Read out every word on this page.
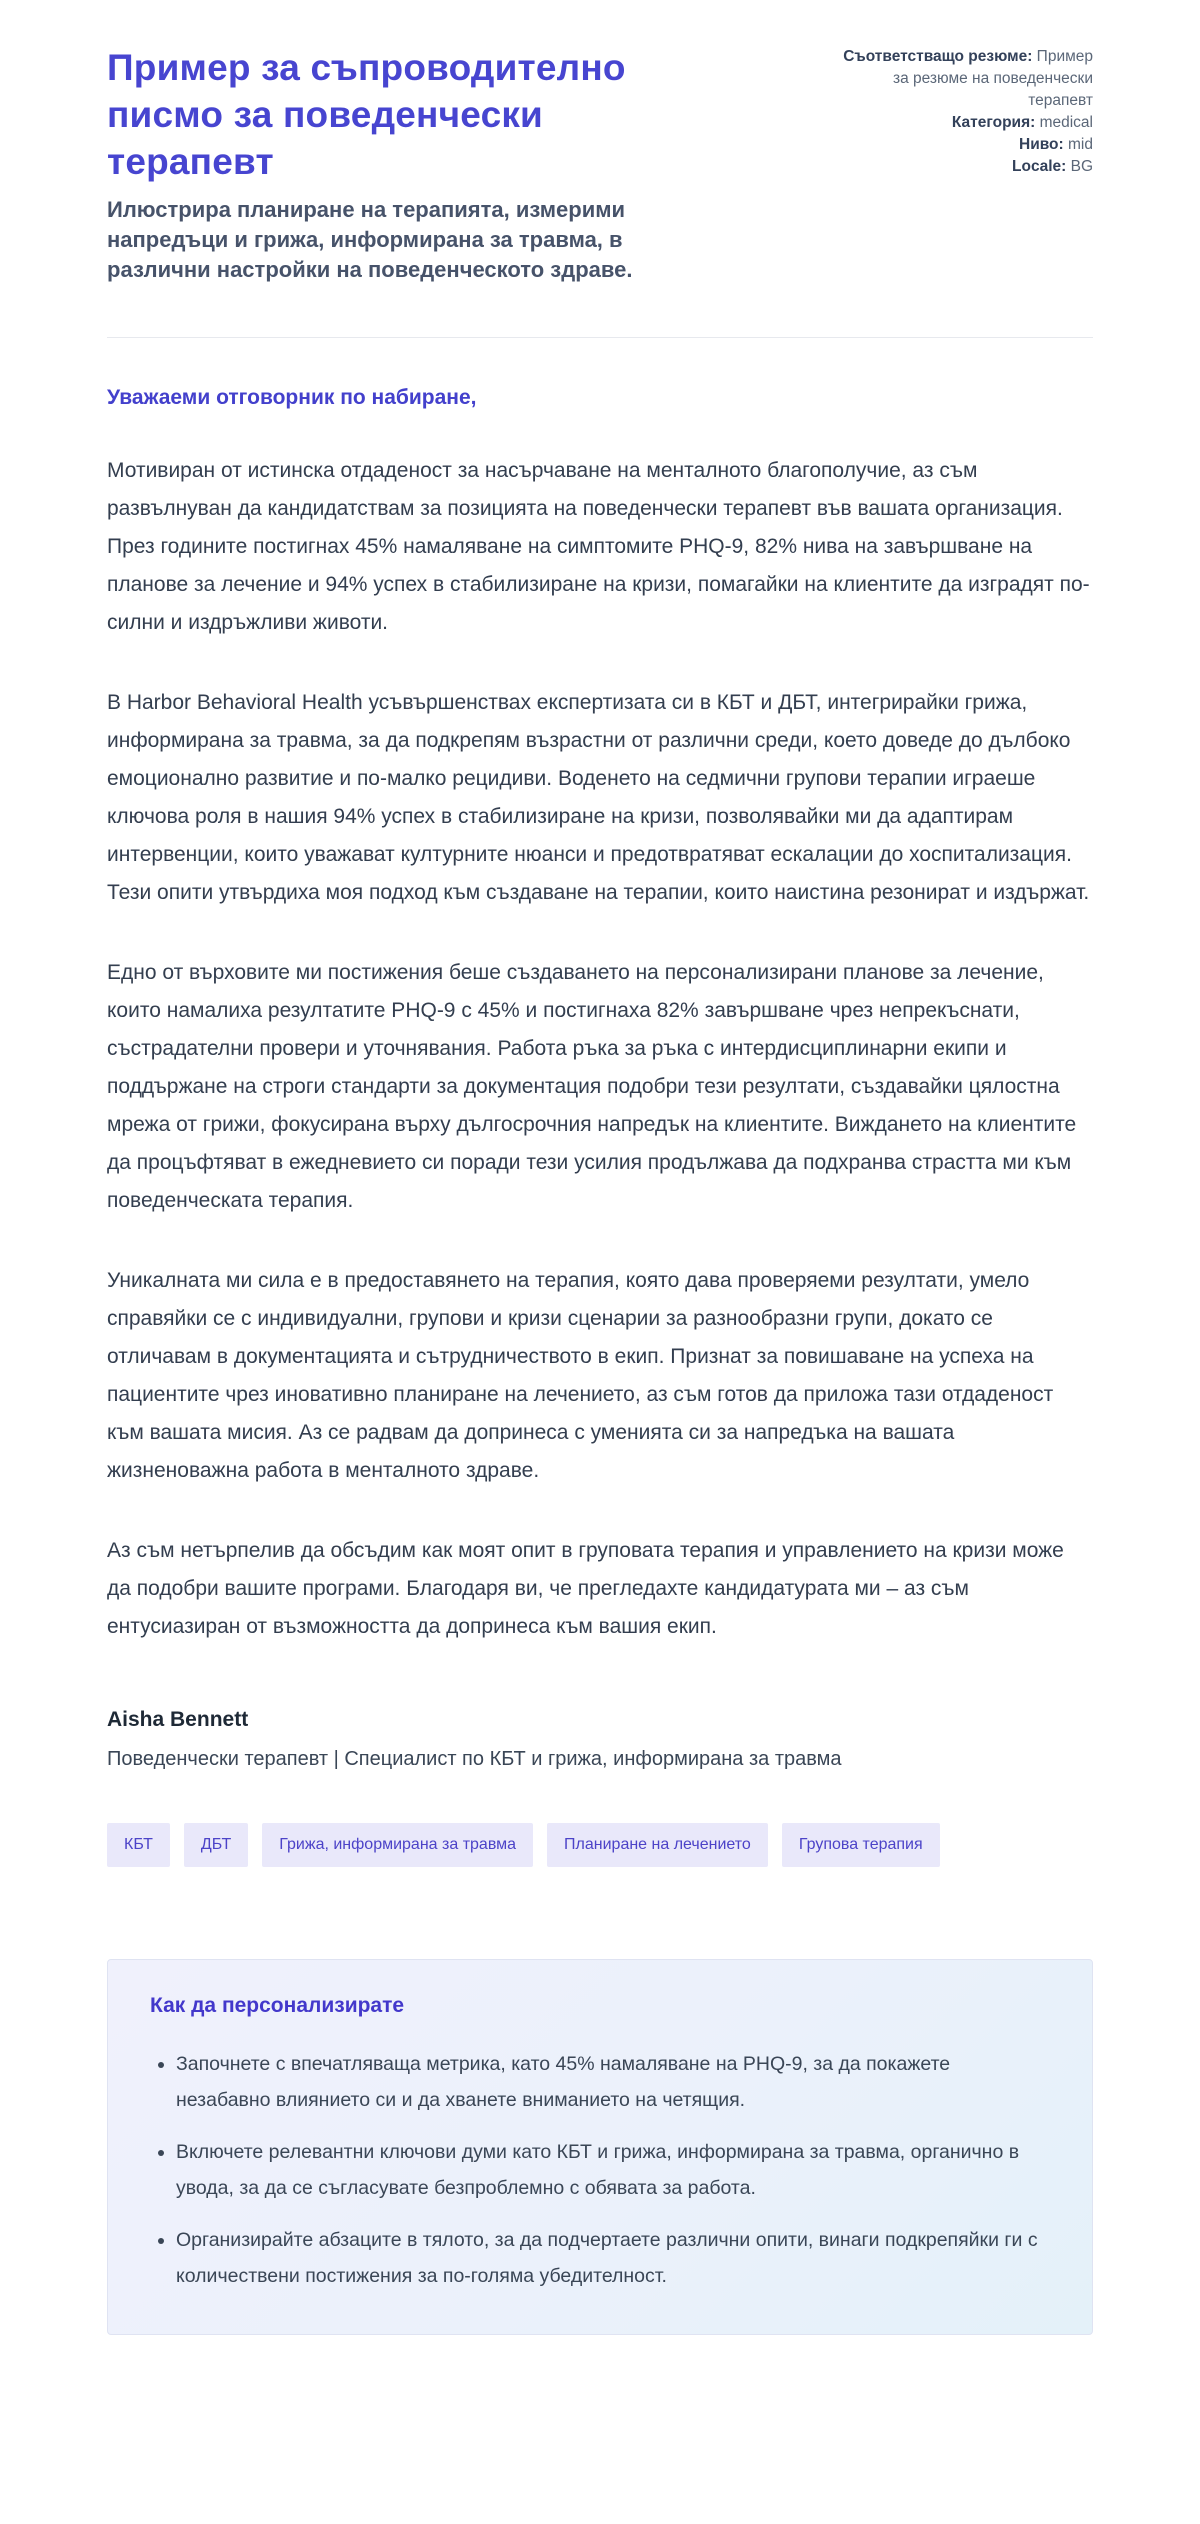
Пример за съпроводително писмо за поведенчески терапевт
Илюстрира планиране на терапията, измерими напредъци и грижа, информирана за травма, в различни настройки на поведенческото здраве.
Съответстващо резюме: Пример за резюме на поведенчески терапевт
Категория: medical
Ниво: mid
Locale: BG
Уважаеми отговорник по набиране,

Мотивиран от истинска отдаденост за насърчаване на менталното благополучие, аз съм развълнуван да кандидатствам за позицията на поведенчески терапевт във вашата организация. През годините постигнах 45% намаляване на симптомите PHQ-9, 82% нива на завършване на планове за лечение и 94% успех в стабилизиране на кризи, помагайки на клиентите да изградят по-силни и издръжливи животи.

В Harbor Behavioral Health усъвършенствах експертизата си в КБТ и ДБТ, интегрирайки грижа, информирана за травма, за да подкрепям възрастни от различни среди, което доведе до дълбоко емоционално развитие и по-малко рецидиви. Воденето на седмични групови терапии играеше ключова роля в нашия 94% успех в стабилизиране на кризи, позволявайки ми да адаптирам интервенции, които уважават културните нюанси и предотвратяват ескалации до хоспитализация. Тези опити утвърдиха моя подход към създаване на терапии, които наистина резонират и издържат.

Едно от върховите ми постижения беше създаването на персонализирани планове за лечение, които намалиха резултатите PHQ-9 с 45% и постигнаха 82% завършване чрез непрекъснати, състрадателни провери и уточнявания. Работа ръка за ръка с интердисциплинарни екипи и поддържане на строги стандарти за документация подобри тези резултати, създавайки цялостна мрежа от грижи, фокусирана върху дългосрочния напредък на клиентите. Виждането на клиентите да процъфтяват в ежедневието си поради тези усилия продължава да подхранва страстта ми към поведенческата терапия.

Уникалната ми сила е в предоставянето на терапия, която дава проверяеми резултати, умело справяйки се с индивидуални, групови и кризи сценарии за разнообразни групи, докато се отличавам в документацията и сътрудничеството в екип. Признат за повишаване на успеха на пациентите чрез иновативно планиране на лечението, аз съм готов да приложа тази отдаденост към вашата мисия. Аз се радвам да допринеса с уменията си за напредъка на вашата жизненоважна работа в менталното здраве.

Аз съм нетърпелив да обсъдим как моят опит в груповата терапия и управлението на кризи може да подобри вашите програми. Благодаря ви, че прегледахте кандидатурата ми – аз съм ентусиазиран от възможността да допринеса към вашия екип.

Aisha Bennett
Поведенчески терапевт | Специалист по КБТ и грижа, информирана за травма
КБТ	ДБТ	Грижа, информирана за травма	Планиране на лечението	Групова терапия
Как да персонализирате
• Започнете с впечатляваща метрика, като 45% намаляване на PHQ-9, за да покажете незабавно влиянието си и да хванете вниманието на четящия.
• Включете релевантни ключови думи като КБТ и грижа, информирана за травма, органично в увода, за да се съгласувате безпроблемно с обявата за работа.
• Организирайте абзаците в тялото, за да подчертаете различни опити, винаги подкрепяйки ги с количествени постижения за по-голяма убедителност.
